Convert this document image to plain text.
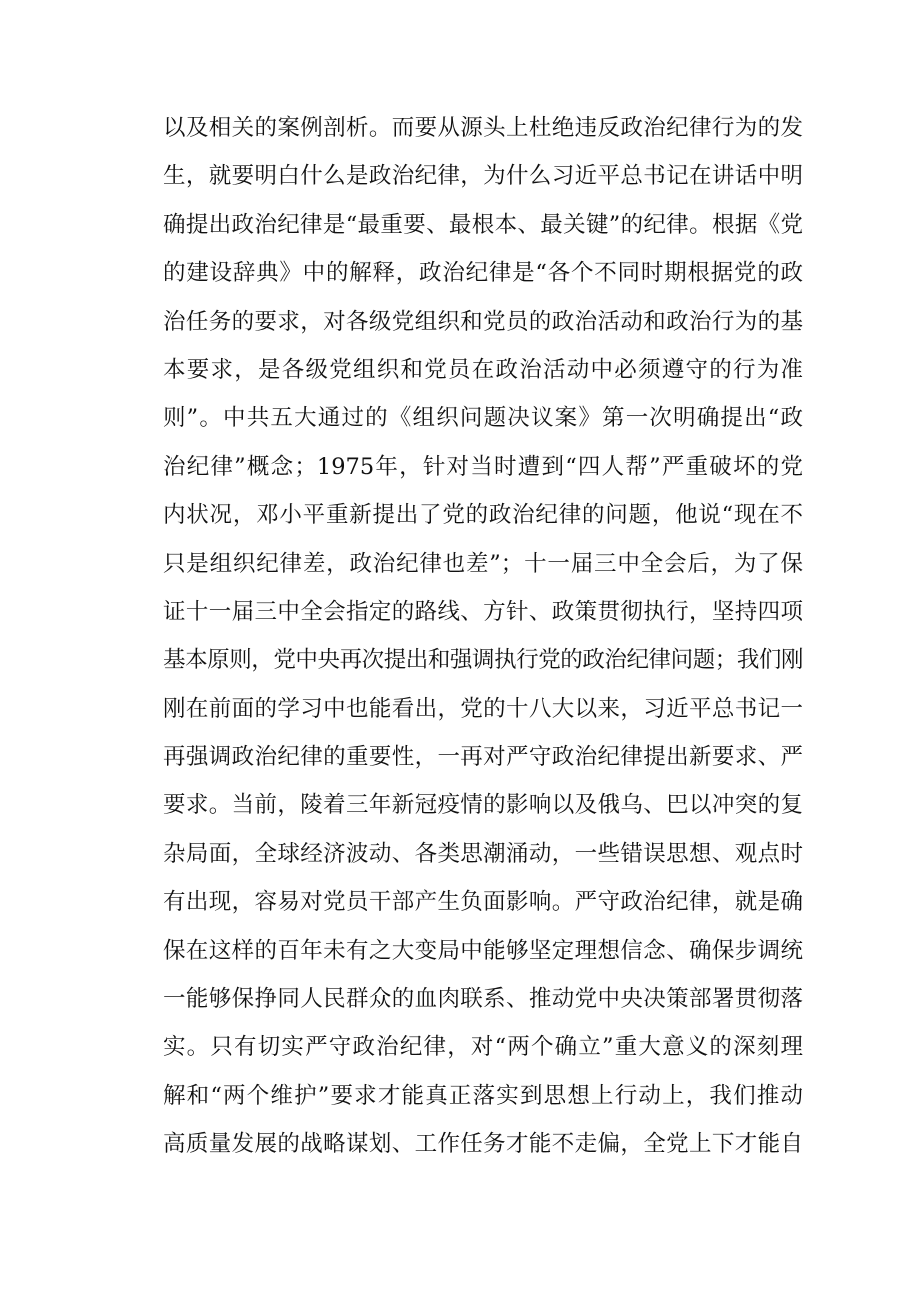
以及相关的案例剖析。而要从源头上杜绝违反政治纪律行为的发
生，就要明白什么是政治纪律，为什么习近平总书记在讲话中明
确提出政治纪律是“最重要、最根本、最关键”的纪律。根据《党
的建设辞典》中的解释，政治纪律是“各个不同时期根据党的政
治任务的要求，对各级党组织和党员的政治活动和政治行为的基
本要求，是各级党组织和党员在政治活动中必须遵守的行为准
则”。中共五大通过的《组织问题决议案》第一次明确提出“政
治纪律”概念；1975年，针对当时遭到“四人帮”严重破坏的党
内状况，邓小平重新提出了党的政治纪律的问题，他说“现在不
只是组织纪律差，政治纪律也差”；十一届三中全会后，为了保
证十一届三中全会指定的路线、方针、政策贯彻执行，坚持四项
基本原则，党中央再次提出和强调执行党的政治纪律问题；我们刚
刚在前面的学习中也能看出，党的十八大以来，习近平总书记一
再强调政治纪律的重要性，一再对严守政治纪律提出新要求、严
要求。当前，陵着三年新冠疫情的影响以及俄乌、巴以冲突的复
杂局面，全球经济波动、各类思潮涌动，一些错误思想、观点时
有出现，容易对党员干部产生负面影响。严守政治纪律，就是确
保在这样的百年未有之大变局中能够坚定理想信念、确保步调统
一能够保挣同人民群众的血肉联系、推动党中央决策部署贯彻落
实。只有切实严守政治纪律，对“两个确立”重大意义的深刻理
解和“两个维护”要求才能真正落实到思想上行动上，我们推动
高质量发展的战略谋划、工作任务才能不走偏，全党上下才能自
